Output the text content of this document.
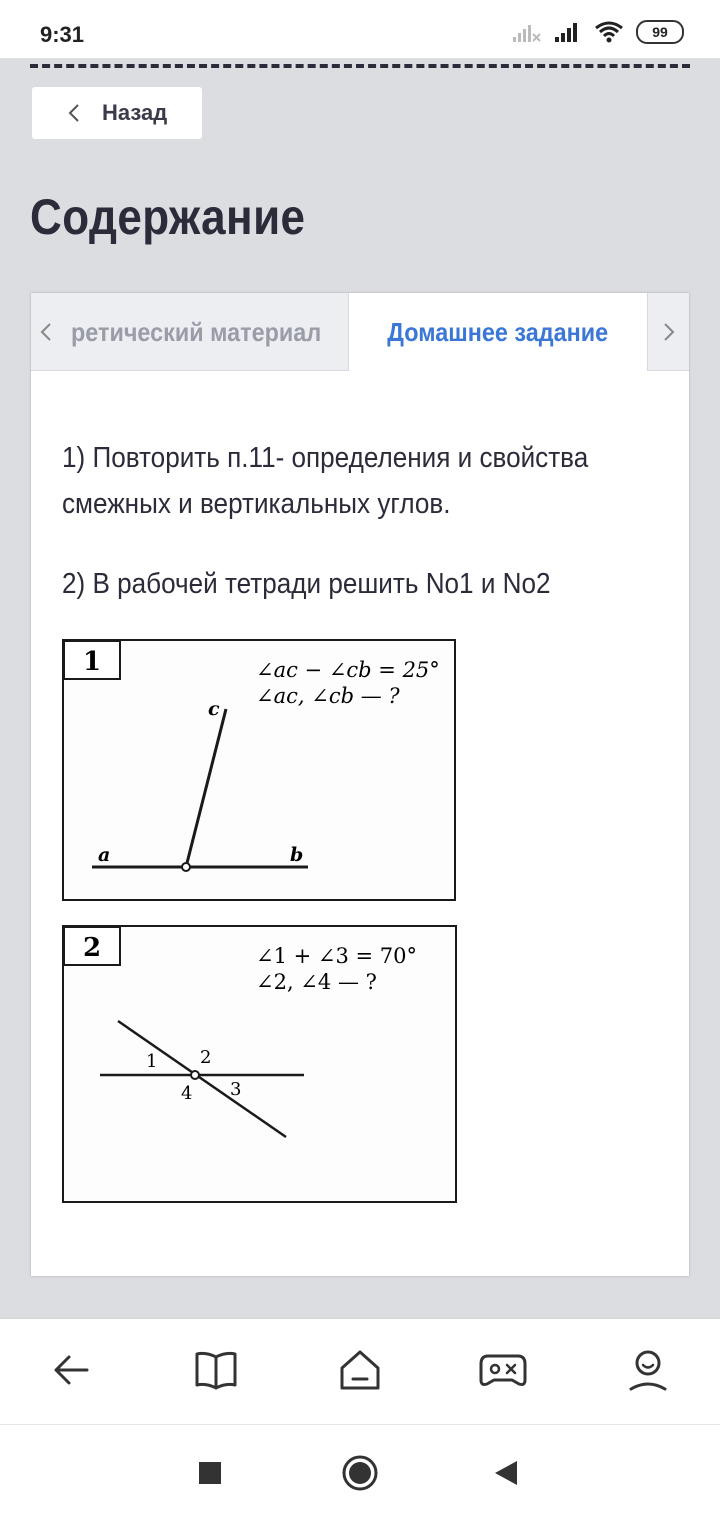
9:31	99
Назад
Содержание
ретический материал	Домашнее задание
1) Повторить п.11- определения и свойства
смежных и вертикальных углов.
2) В рабочей тетради решить No1 и No2
1	∠ac − ∠cb = 25°
∠ac, ∠cb — ?
a	b
c
2	∠1 + ∠3 = 70°
∠2, ∠4 — ?
1 2
3
4
